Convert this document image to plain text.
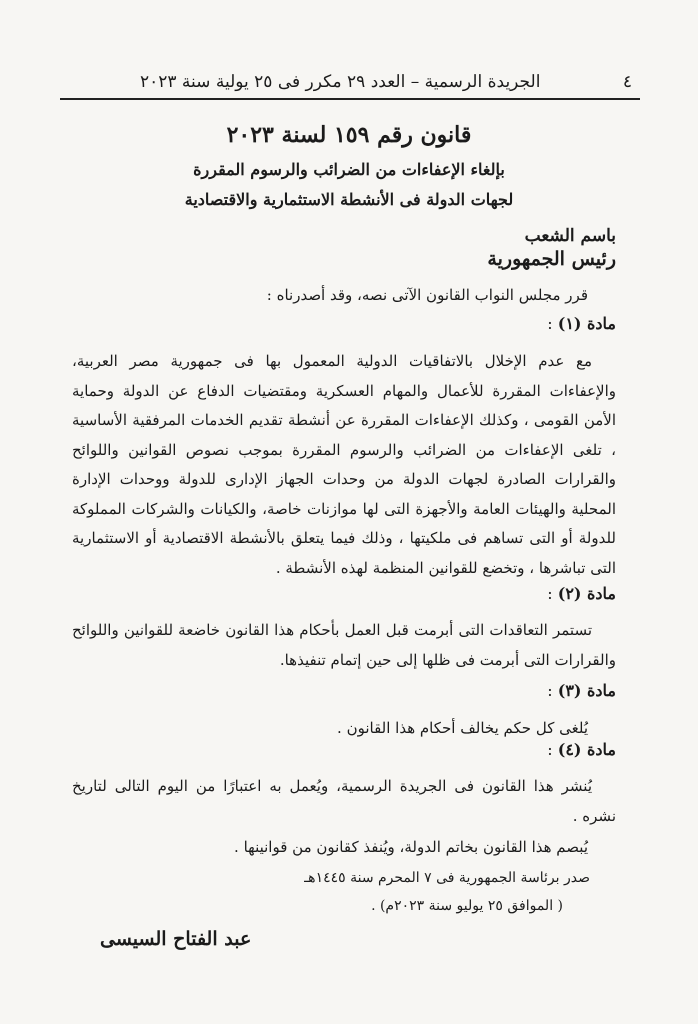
٤
الجريدة الرسمية – العدد ٢٩ مكرر فى ٢٥ يولية سنة ٢٠٢٣
قانون رقم ١٥٩ لسنة ٢٠٢٣
بإلغاء الإعفاءات من الضرائب والرسوم المقررة
لجهات الدولة فى الأنشطة الاستثمارية والاقتصادية
باسم الشعب
رئيس الجمهورية
قرر مجلس النواب القانون الآتى نصه، وقد أصدرناه :
مادة (١) :
مع عدم الإخلال بالاتفاقيات الدولية المعمول بها فى جمهورية مصر العربية، والإعفاءات المقررة للأعمال والمهام العسكرية ومقتضيات الدفاع عن الدولة وحماية الأمن القومى ، وكذلك الإعفاءات المقررة عن أنشطة تقديم الخدمات المرفقية الأساسية ، تلغى الإعفاءات من الضرائب والرسوم المقررة بموجب نصوص القوانين واللوائح والقرارات الصادرة لجهات الدولة من وحدات الجهاز الإدارى للدولة ووحدات الإدارة المحلية والهيئات العامة والأجهزة التى لها موازنات خاصة، والكيانات والشركات المملوكة للدولة أو التى تساهم فى ملكيتها ، وذلك فيما يتعلق بالأنشطة الاقتصادية أو الاستثمارية التى تباشرها ، وتخضع للقوانين المنظمة لهذه الأنشطة .
مادة (٢) :
تستمر التعاقدات التى أبرمت قبل العمل بأحكام هذا القانون خاضعة للقوانين واللوائح والقرارات التى أبرمت فى ظلها إلى حين إتمام تنفيذها.
مادة (٣) :
يُلغى كل حكم يخالف أحكام هذا القانون .
مادة (٤) :
يُنشر هذا القانون فى الجريدة الرسمية، ويُعمل به اعتبارًا من اليوم التالى لتاريخ نشره .
يُبصم هذا القانون بخاتم الدولة، ويُنفذ كقانون من قوانينها .
صدر برئاسة الجمهورية فى ٧ المحرم سنة ١٤٤٥هـ
( الموافق ٢٥ يوليو سنة ٢٠٢٣م) .
عبد الفتاح السيسى
